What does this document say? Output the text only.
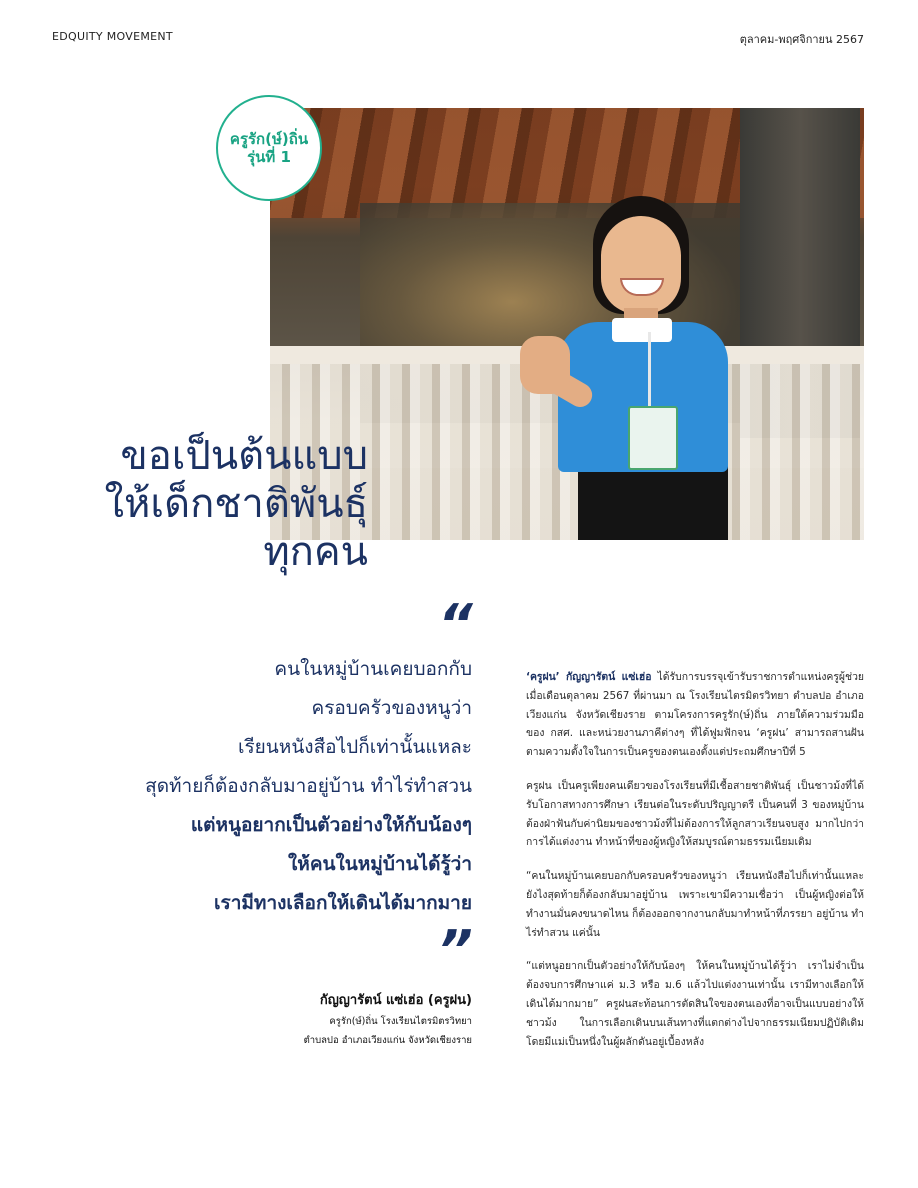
EDQUITY MOVEMENT	ตุลาคม-พฤศจิกายน 2567
ครูรัก(ษ์)ถิ่น
รุ่นที่ 1
ขอเป็นต้นแบบ
ให้เด็กชาติพันธุ์
ทุกคน
“
คนในหมู่บ้านเคยบอกกับ
ครอบครัวของหนูว่า
เรียนหนังสือไปก็เท่านั้นแหละ
สุดท้ายก็ต้องกลับมาอยู่บ้าน ทำไร่ทำสวน
แต่หนูอยากเป็นตัวอย่างให้กับน้องๆ
ให้คนในหมู่บ้านได้รู้ว่า
เรามีทางเลือกให้เดินได้มากมาย
”
กัญญารัตน์ แซ่เฮ่อ (ครูฝน)
ครูรัก(ษ์)ถิ่น โรงเรียนไตรมิตรวิทยา
ตำบลปอ อำเภอเวียงแก่น จังหวัดเชียงราย

‘ครูฝน’ กัญญารัตน์ แซ่เฮ่อ ได้รับการบรรจุเข้ารับราชการตำแหน่งครูผู้ช่วย เมื่อเดือนตุลาคม 2567 ที่ผ่านมา ณ โรงเรียนไตรมิตรวิทยา ตำบลปอ อำเภอเวียงแก่น จังหวัดเชียงราย ตามโครงการครูรัก(ษ์)ถิ่น ภายใต้ความร่วมมือของ กสศ. และหน่วยงานภาคีต่างๆ ที่ได้ฟูมฟักจน ‘ครูฝน’ สามารถสานฝันตามความตั้งใจในการเป็นครูของตนเองตั้งแต่ประถมศึกษาปีที่ 5

ครูฝน เป็นครูเพียงคนเดียวของโรงเรียนที่มีเชื้อสายชาติพันธุ์ เป็นชาวม้งที่ได้รับโอกาสทางการศึกษา เรียนต่อในระดับปริญญาตรี เป็นคนที่ 3 ของหมู่บ้าน ต้องฝ่าฟันกับค่านิยมของชาวม้งที่ไม่ต้องการให้ลูกสาวเรียนจบสูง มากไปกว่าการได้แต่งงาน ทำหน้าที่ของผู้หญิงให้สมบูรณ์ตามธรรมเนียมเดิม

“คนในหมู่บ้านเคยบอกกับครอบครัวของหนูว่า เรียนหนังสือไปก็เท่านั้นแหละ ยังไงสุดท้ายก็ต้องกลับมาอยู่บ้าน เพราะเขามีความเชื่อว่า เป็นผู้หญิงต่อให้ทำงานมั่นคงขนาดไหน ก็ต้องออกจากงานกลับมาทำหน้าที่ภรรยา อยู่บ้าน ทำไร่ทำสวน แค่นั้น

“แต่หนูอยากเป็นตัวอย่างให้กับน้องๆ ให้คนในหมู่บ้านได้รู้ว่า เราไม่จำเป็นต้องจบการศึกษาแค่ ม.3 หรือ ม.6 แล้วไปแต่งงานเท่านั้น เรามีทางเลือกให้เดินได้มากมาย” ครูฝนสะท้อนการตัดสินใจของตนเองที่อาจเป็นแบบอย่างให้ชาวม้ง ในการเลือกเดินบนเส้นทางที่แตกต่างไปจากธรรมเนียมปฏิบัติเดิม โดยมีแม่เป็นหนึ่งในผู้ผลักดันอยู่เบื้องหลัง
